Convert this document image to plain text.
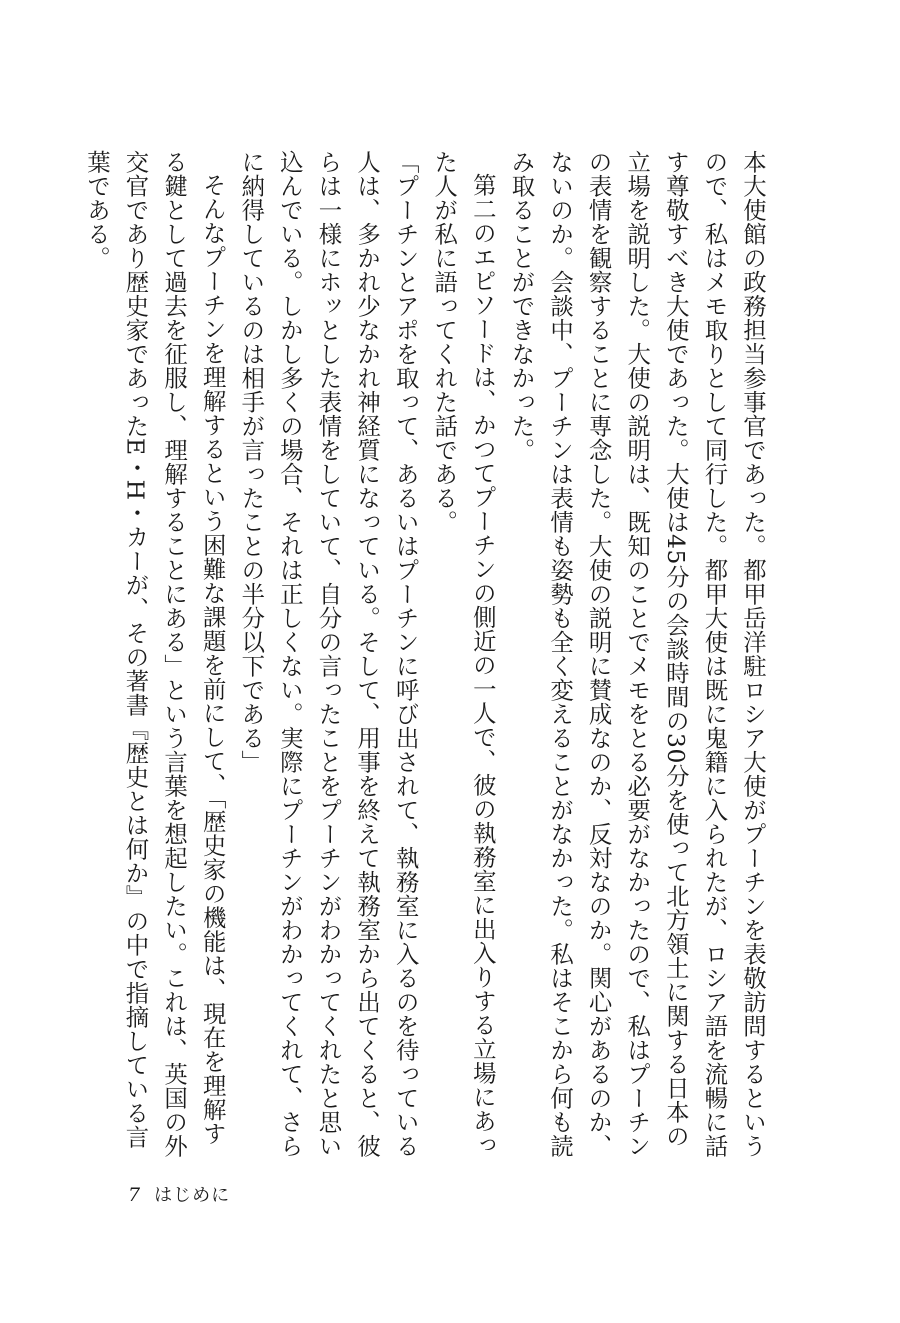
本大使館の政務担当参事官であった。都甲岳洋駐ロシア大使がプーチンを表敬訪問するというので、私はメモ取りとして同行した。都甲大使は既に鬼籍に入られたが、ロシア語を流暢に話す尊敬すべき大使であった。大使は45分の会談時間の30分を使って北方領土に関する日本の立場を説明した。大使の説明は、既知のことでメモをとる必要がなかったので、私はプーチンの表情を観察することに専念した。大使の説明に賛成なのか、反対なのか。関心があるのか、ないのか。会談中、プーチンは表情も姿勢も全く変えることがなかった。私はそこから何も読み取ることができなかった。

第二のエピソードは、かつてプーチンの側近の一人で、彼の執務室に出入りする立場にあった人が私に語ってくれた話である。

「プーチンとアポを取って、あるいはプーチンに呼び出されて、執務室に入るのを待っている人は、多かれ少なかれ神経質になっている。そして、用事を終えて執務室から出てくると、彼らは一様にホッとした表情をしていて、自分の言ったことをプーチンがわかってくれたと思い込んでいる。しかし多くの場合、それは正しくない。実際にプーチンがわかってくれて、さらに納得しているのは相手が言ったことの半分以下である」

そんなプーチンを理解するという困難な課題を前にして、「歴史家の機能は、現在を理解する鍵として過去を征服し、理解することにある」という言葉を想起したい。これは、英国の外交官であり歴史家であったE・H・カーが、その著書『歴史とは何か』の中で指摘している言葉である。

7 はじめに
